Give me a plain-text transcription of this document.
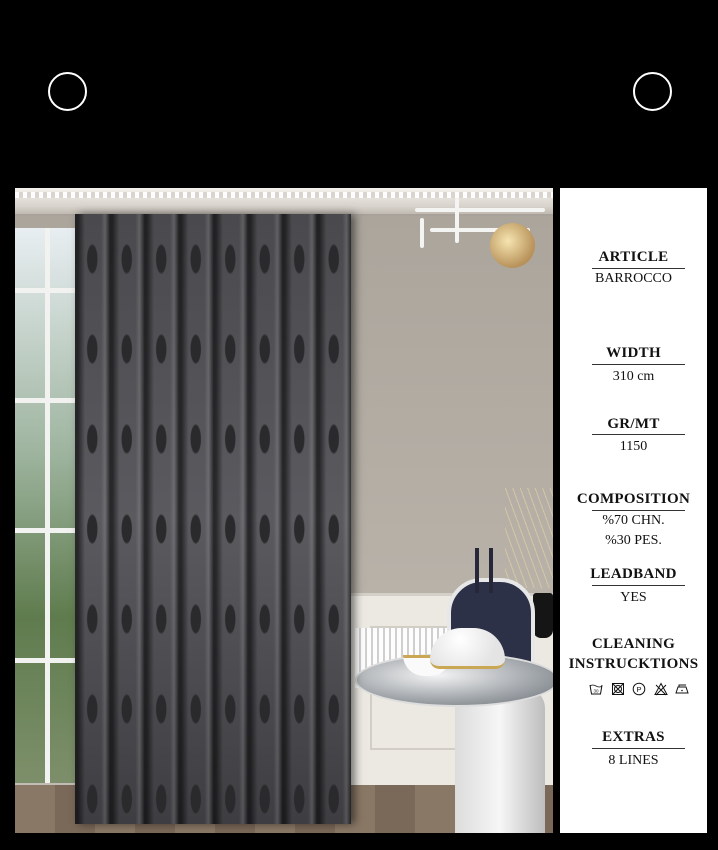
ARTICLE
BARROCCO
WIDTH
310 cm
GR/MT
1150
COMPOSITION
%70 CHN.
%30 PES.
LEADBAND
YES
CLEANING
INSTRUCKTIONS
30	P
EXTRAS
8 LINES
